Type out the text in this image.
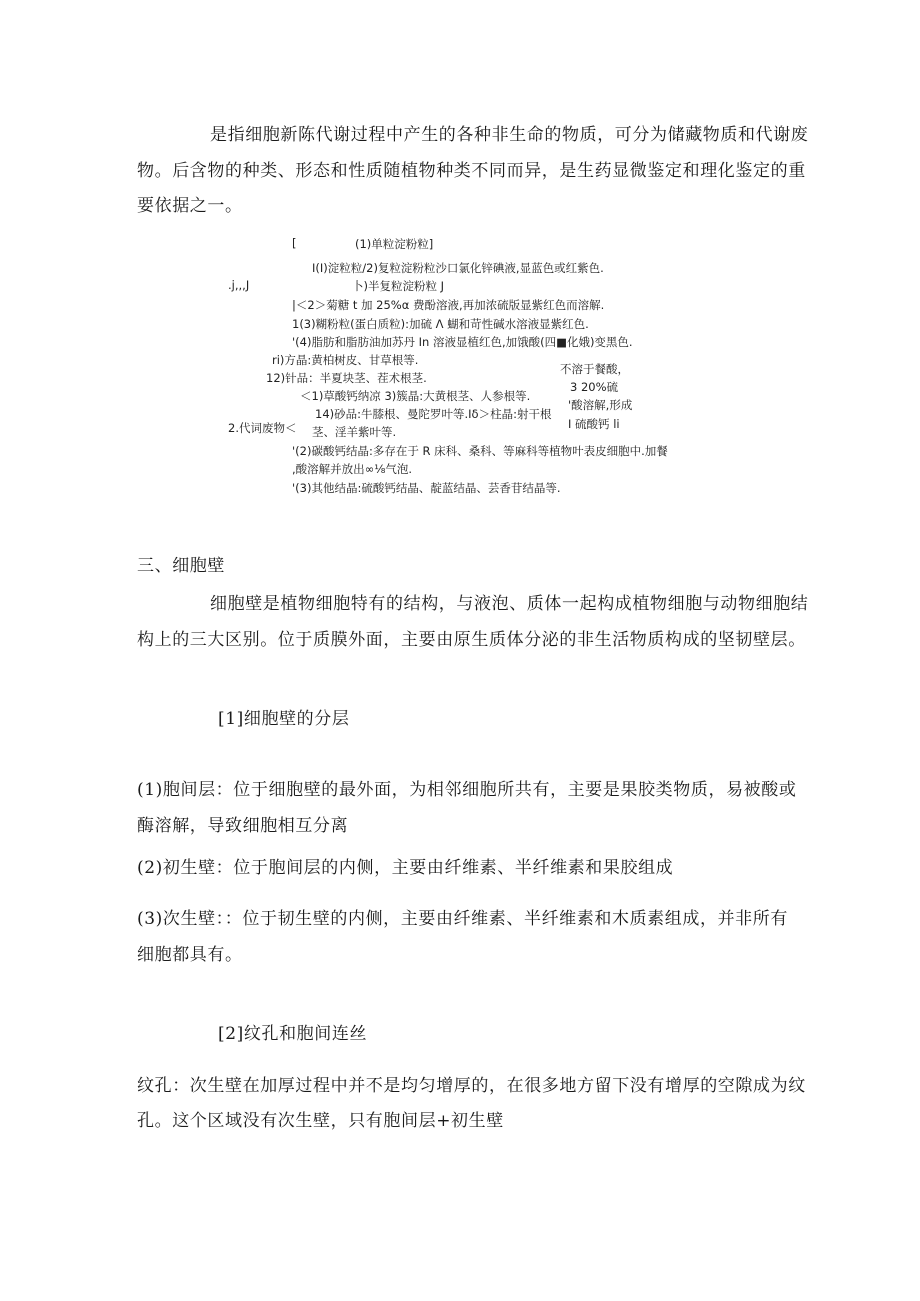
是指细胞新陈代谢过程中产生的各种非生命的物质，可分为储藏物质和代谢废
物。后含物的种类、形态和性质随植物种类不同而异，是生药显微鉴定和理化鉴定的重
要依据之一。
[	(1)单粒淀粉粒]
I(I)淀粒粒/2)复粒淀粉粒沙口氯化锌碘液,显蓝色或红紫色.
.j,,,J	卜)半复粒淀粉粒 J
|＜2＞菊糖 t 加 25%α 费酚溶液,再加浓硫版显紫红色而溶解.
1(3)糊粉粒(蛋白质粒):加硫 Λ 蝴和苛性碱水溶液显紫红色.
'(4)脂肪和脂肪油加苏丹 In 溶液显植红色,加饿酸(四■化娥)变黑色.
ri)方晶:黄柏树皮、甘草根等.
不溶于餐酸，
12)针品：半夏块茎、茬术根茎.
3 20%硫
＜1)草酸钙纳凉 3)簇晶:大黄根茎、人参根等.
'酸溶解,形成
14)砂品:牛膝根、曼陀罗叶等.Iδ＞柱晶:射干根
2.代词废物＜	I 硫酸钙 li
茎、淫羊紫叶等.
'(2)碳酸钙结晶:多存在于 R 床科、桑科、等麻科等植物叶表皮细胞中.加餐
,酸溶解并放出∞⅛气泡.
'(3)其他结晶:硫酸钙结晶、靛蓝结晶、芸香苷结晶等.
三、细胞壁
细胞壁是植物细胞特有的结构，与液泡、质体一起构成植物细胞与动物细胞结
构上的三大区别。位于质膜外面，主要由原生质体分泌的非生活物质构成的坚韧壁层。
[1]细胞壁的分层
(1)胞间层：位于细胞壁的最外面，为相邻细胞所共有，主要是果胶类物质，易被酸或
酶溶解，导致细胞相互分离
(2)初生壁：位于胞间层的内侧，主要由纤维素、半纤维素和果胶组成
(3)次生壁：：位于韧生壁的内侧，主要由纤维素、半纤维素和木质素组成，并非所有
细胞都具有。
[2]纹孔和胞间连丝
纹孔：次生壁在加厚过程中并不是均匀增厚的，在很多地方留下没有增厚的空隙成为纹
孔。这个区域没有次生壁，只有胞间层+初生壁
